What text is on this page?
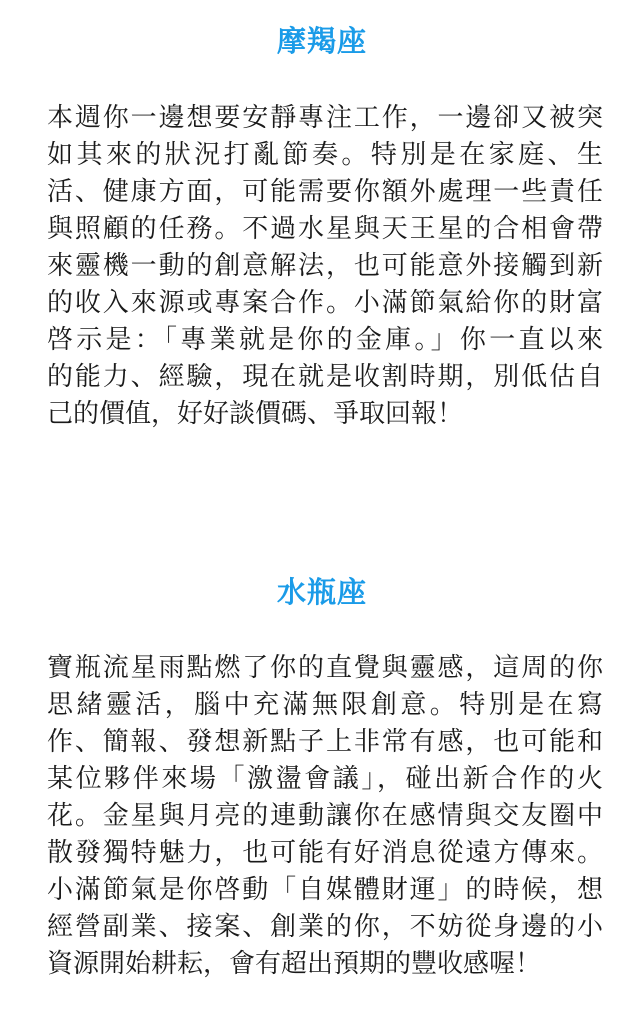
摩羯座
本週你一邊想要安靜專注工作，一邊卻又被突
如其來的狀況打亂節奏。特別是在家庭、生
活、健康方面，可能需要你額外處理一些責任
與照顧的任務。不過水星與天王星的合相會帶
來靈機一動的創意解法，也可能意外接觸到新
的收入來源或專案合作。小滿節氣給你的財富
啓示是：「專業就是你的金庫。」你一直以來
的能力、經驗，現在就是收割時期，別低估自
己的價值，好好談價碼、爭取回報！
水瓶座
寶瓶流星雨點燃了你的直覺與靈感，這周的你
思緒靈活，腦中充滿無限創意。特別是在寫
作、簡報、發想新點子上非常有感，也可能和
某位夥伴來場「激盪會議」，碰出新合作的火
花。金星與月亮的連動讓你在感情與交友圈中
散發獨特魅力，也可能有好消息從遠方傳來。
小滿節氣是你啓動「自媒體財運」的時候，想
經營副業、接案、創業的你，不妨從身邊的小
資源開始耕耘，會有超出預期的豐收感喔！
